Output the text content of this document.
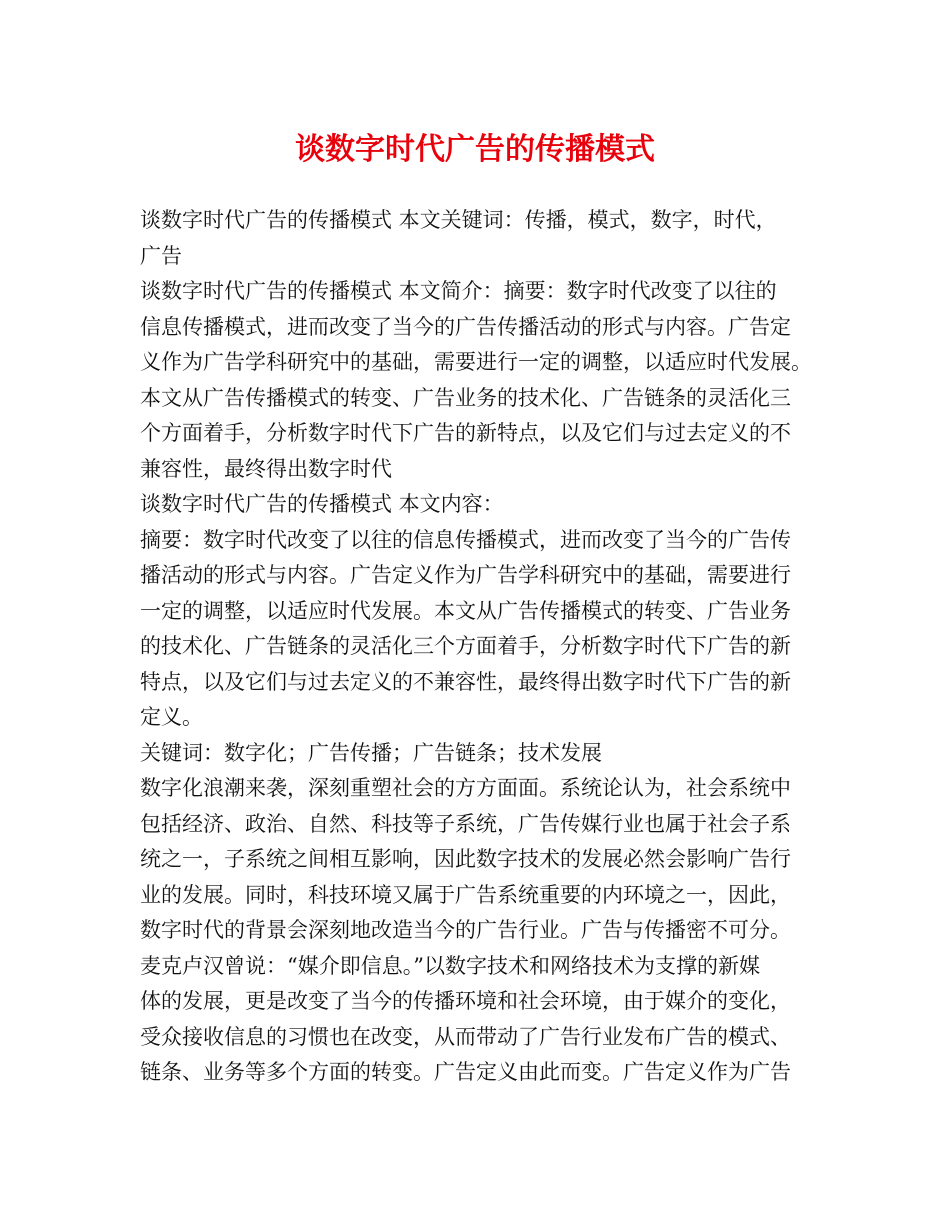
谈数字时代广告的传播模式
谈数字时代广告的传播模式 本文关键词：传播，模式，数字，时代，
广告
谈数字时代广告的传播模式 本文简介：摘要：数字时代改变了以往的
信息传播模式，进而改变了当今的广告传播活动的形式与内容。广告定
义作为广告学科研究中的基础，需要进行一定的调整，以适应时代发展。
本文从广告传播模式的转变、广告业务的技术化、广告链条的灵活化三
个方面着手，分析数字时代下广告的新特点，以及它们与过去定义的不
兼容性，最终得出数字时代
谈数字时代广告的传播模式 本文内容：
摘要：数字时代改变了以往的信息传播模式，进而改变了当今的广告传
播活动的形式与内容。广告定义作为广告学科研究中的基础，需要进行
一定的调整，以适应时代发展。本文从广告传播模式的转变、广告业务
的技术化、广告链条的灵活化三个方面着手，分析数字时代下广告的新
特点，以及它们与过去定义的不兼容性，最终得出数字时代下广告的新
定义。
关键词：数字化；广告传播；广告链条；技术发展
数字化浪潮来袭，深刻重塑社会的方方面面。系统论认为，社会系统中
包括经济、政治、自然、科技等子系统，广告传媒行业也属于社会子系
统之一，子系统之间相互影响，因此数字技术的发展必然会影响广告行
业的发展。同时，科技环境又属于广告系统重要的内环境之一，因此，
数字时代的背景会深刻地改造当今的广告行业。广告与传播密不可分。
麦克卢汉曾说：“媒介即信息。”以数字技术和网络技术为支撑的新媒
体的发展，更是改变了当今的传播环境和社会环境，由于媒介的变化，
受众接收信息的习惯也在改变，从而带动了广告行业发布广告的模式、
链条、业务等多个方面的转变。广告定义由此而变。广告定义作为广告
